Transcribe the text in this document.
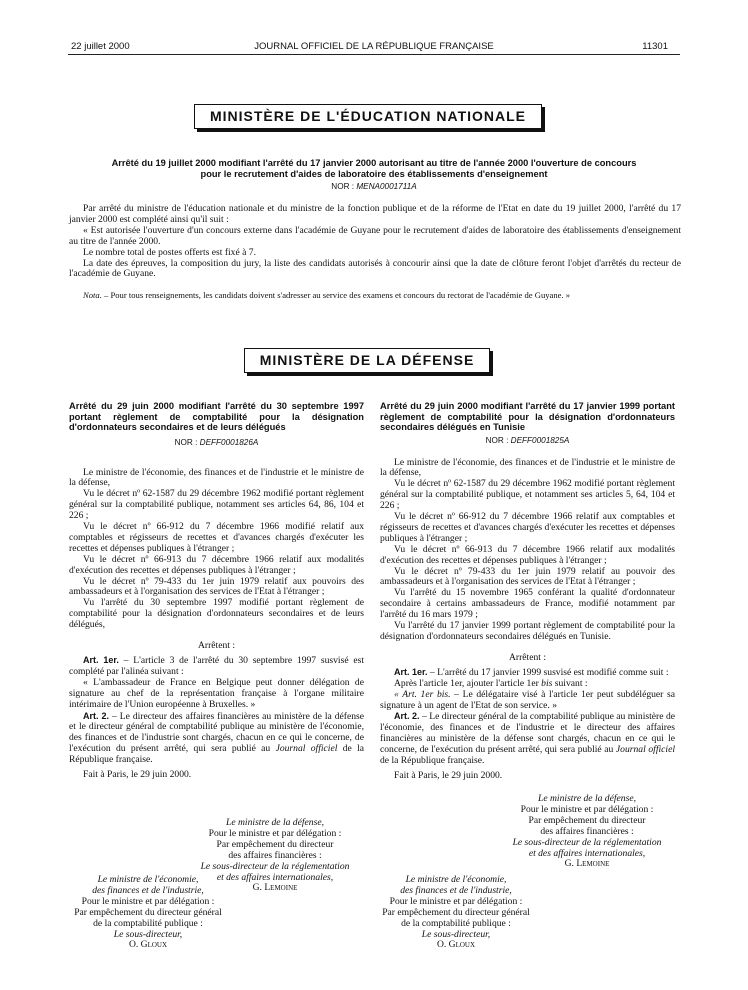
22 juillet 2000	JOURNAL OFFICIEL DE LA RÉPUBLIQUE FRANÇAISE	11301
MINISTÈRE DE L'ÉDUCATION NATIONALE
Arrêté du 19 juillet 2000 modifiant l'arrêté du 17 janvier 2000 autorisant au titre de l'année 2000 l'ouverture de concours pour le recrutement d'aides de laboratoire des établissements d'enseignement
NOR : MENA0001711A

Par arrêté du ministre de l'éducation nationale et du ministre de la fonction publique et de la réforme de l'Etat en date du 19 juillet 2000, l'arrêté du 17 janvier 2000 est complété ainsi qu'il suit :

« Est autorisée l'ouverture d'un concours externe dans l'académie de Guyane pour le recrutement d'aides de laboratoire des établissements d'enseignement au titre de l'année 2000.

Le nombre total de postes offerts est fixé à 7.

La date des épreuves, la composition du jury, la liste des candidats autorisés à concourir ainsi que la date de clôture feront l'objet d'arrêtés du recteur de l'académie de Guyane.

Nota. – Pour tous renseignements, les candidats doivent s'adresser au service des examens et concours du rectorat de l'académie de Guyane. »

MINISTÈRE DE LA DÉFENSE
Arrêté du 29 juin 2000 modifiant l'arrêté du 30 septembre 1997 portant règlement de comptabilité pour la désignation d'ordonnateurs secondaires et de leurs délégués
NOR : DEFF0001826A

Le ministre de l'économie, des finances et de l'industrie et le ministre de la défense,

Vu le décret nº 62-1587 du 29 décembre 1962 modifié portant règlement général sur la comptabilité publique, notamment ses articles 64, 86, 104 et 226 ;

Vu le décret nº 66-912 du 7 décembre 1966 modifié relatif aux comptables et régisseurs de recettes et d'avances chargés d'exécuter les recettes et dépenses publiques à l'étranger ;

Vu le décret nº 66-913 du 7 décembre 1966 relatif aux modalités d'exécution des recettes et dépenses publiques à l'étranger ;

Vu le décret nº 79-433 du 1er juin 1979 relatif aux pouvoirs des ambassadeurs et à l'organisation des services de l'Etat à l'étranger ;

Vu l'arrêté du 30 septembre 1997 modifié portant règlement de comptabilité pour la désignation d'ordonnateurs secondaires et de leurs délégués,

Arrêtent :

Art. 1er. – L'article 3 de l'arrêté du 30 septembre 1997 susvisé est complété par l'alinéa suivant :

« L'ambassadeur de France en Belgique peut donner délégation de signature au chef de la représentation française à l'organe militaire intérimaire de l'Union européenne à Bruxelles. »

Art. 2. – Le directeur des affaires financières au ministère de la défense et le directeur général de comptabilité publique au ministère de l'économie, des finances et de l'industrie sont chargés, chacun en ce qui le concerne, de l'exécution du présent arrêté, qui sera publié au Journal officiel de la République française.

Fait à Paris, le 29 juin 2000.

Le ministre de la défense,
Pour le ministre et par délégation :
Par empêchement du directeur
des affaires financières :
Le sous-directeur de la réglementation
et des affaires internationales,
G. Lemoine
Le ministre de l'économie,
des finances et de l'industrie,
Pour le ministre et par délégation :
Par empêchement du directeur général
de la comptabilité publique :
Le sous-directeur,
O. Gloux
Arrêté du 29 juin 2000 modifiant l'arrêté du 17 janvier 1999 portant règlement de comptabilité pour la désignation d'ordonnateurs secondaires délégués en Tunisie
NOR : DEFF0001825A

Le ministre de l'économie, des finances et de l'industrie et le ministre de la défense,

Vu le décret nº 62-1587 du 29 décembre 1962 modifié portant règlement général sur la comptabilité publique, et notamment ses articles 5, 64, 104 et 226 ;

Vu le décret nº 66-912 du 7 décembre 1966 relatif aux comptables et régisseurs de recettes et d'avances chargés d'exécuter les recettes et dépenses publiques à l'étranger ;

Vu le décret nº 66-913 du 7 décembre 1966 relatif aux modalités d'exécution des recettes et dépenses publiques à l'étranger ;

Vu le décret nº 79-433 du 1er juin 1979 relatif au pouvoir des ambassadeurs et à l'organisation des services de l'Etat à l'étranger ;

Vu l'arrêté du 15 novembre 1965 conférant la qualité d'ordonnateur secondaire à certains ambassadeurs de France, modifié notamment par l'arrêté du 16 mars 1979 ;

Vu l'arrêté du 17 janvier 1999 portant règlement de comptabilité pour la désignation d'ordonnateurs secondaires délégués en Tunisie.

Arrêtent :

Art. 1er. – L'arrêté du 17 janvier 1999 susvisé est modifié comme suit :

Après l'article 1er, ajouter l'article 1er bis suivant :

« Art. 1er bis. – Le délégataire visé à l'article 1er peut subdéléguer sa signature à un agent de l'Etat de son service. »

Art. 2. – Le directeur général de la comptabilité publique au ministère de l'économie, des finances et de l'industrie et le directeur des affaires financières au ministère de la défense sont chargés, chacun en ce qui le concerne, de l'exécution du présent arrêté, qui sera publié au Journal officiel de la République française.

Fait à Paris, le 29 juin 2000.

Le ministre de la défense,
Pour le ministre et par délégation :
Par empêchement du directeur
des affaires financières :
Le sous-directeur de la réglementation
et des affaires internationales,
G. Lemoine
Le ministre de l'économie,
des finances et de l'industrie,
Pour le ministre et par délégation :
Par empêchement du directeur général
de la comptabilité publique :
Le sous-directeur,
O. Gloux
